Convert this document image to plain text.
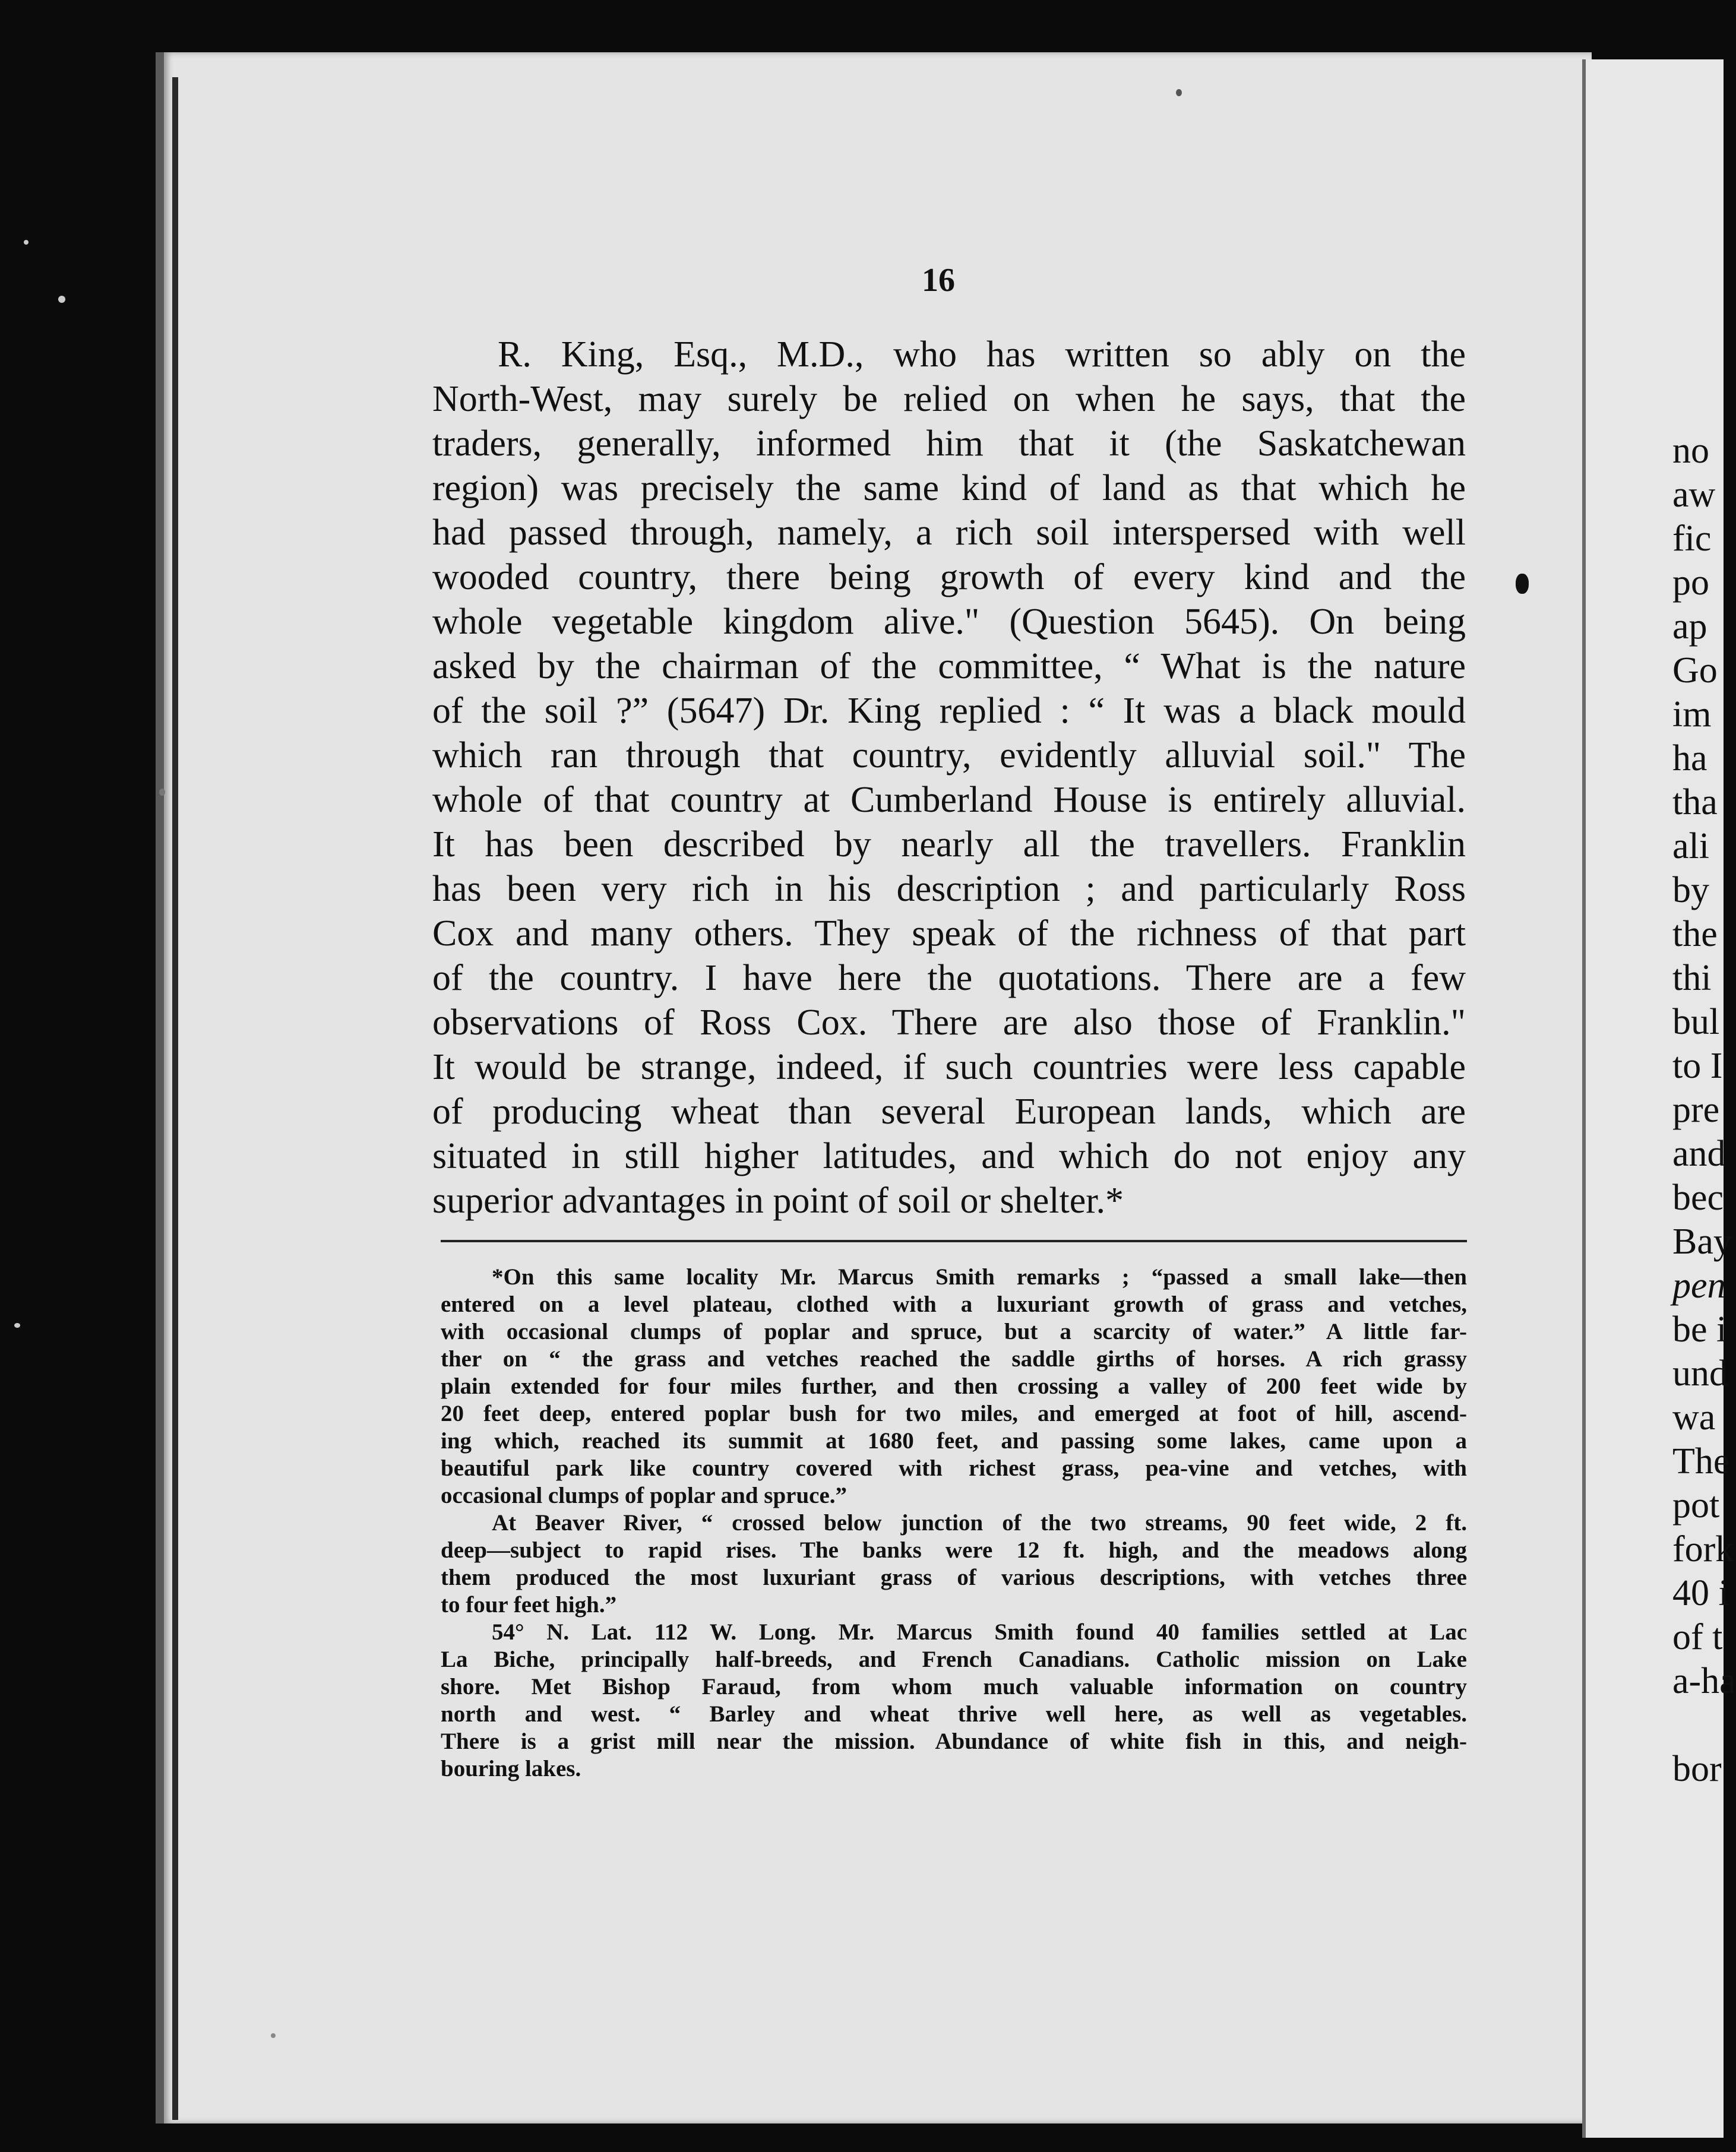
16
R. King, Esq., M.D., who has written so ably on the
North-West, may surely be relied on when he says, that the
traders, generally, informed him that it (the Saskatchewan
region) was precisely the same kind of land as that which he
had passed through, namely, a rich soil interspersed with well
wooded country, there being growth of every kind and the
whole vegetable kingdom alive." (Question 5645). On being
asked by the chairman of the committee, “ What is the nature
of the soil ?” (5647) Dr. King replied : “ It was a black mould
which ran through that country, evidently alluvial soil." The
whole of that country at Cumberland House is entirely alluvial.
It has been described by nearly all the travellers. Franklin
has been very rich in his description ; and particularly Ross
Cox and many others. They speak of the richness of that part
of the country. I have here the quotations. There are a few
observations of Ross Cox. There are also those of Franklin."
It would be strange, indeed, if such countries were less capable
of producing wheat than several European lands, which are
situated in still higher latitudes, and which do not enjoy any
superior advantages in point of soil or shelter.*
*On this same locality Mr. Marcus Smith remarks ; “passed a small lake—then
entered on a level plateau, clothed with a luxuriant growth of grass and vetches,
with occasional clumps of poplar and spruce, but a scarcity of water.” A little far-
ther on “ the grass and vetches reached the saddle girths of horses. A rich grassy
plain extended for four miles further, and then crossing a valley of 200 feet wide by
20 feet deep, entered poplar bush for two miles, and emerged at foot of hill, ascend-
ing which, reached its summit at 1680 feet, and passing some lakes, came upon a
beautiful park like country covered with richest grass, pea-vine and vetches, with
occasional clumps of poplar and spruce.”
At Beaver River, “ crossed below junction of the two streams, 90 feet wide, 2 ft.
deep—subject to rapid rises. The banks were 12 ft. high, and the meadows along
them produced the most luxuriant grass of various descriptions, with vetches three
to four feet high.”
54° N. Lat. 112 W. Long. Mr. Marcus Smith found 40 families settled at Lac
La Biche, principally half-breeds, and French Canadians. Catholic mission on Lake
shore. Met Bishop Faraud, from whom much valuable information on country
north and west. “ Barley and wheat thrive well here, as well as vegetables.
There is a grist mill near the mission. Abundance of white fish in this, and neigh-
bouring lakes.
no
aw
fic
po
ap
Go
im
ha
tha
ali
by
the
thi
bul
to I
pre
and
bec
Bay
pen
be i
und
wa
The
pot
fork
40 i
of t
a-ha
bor
